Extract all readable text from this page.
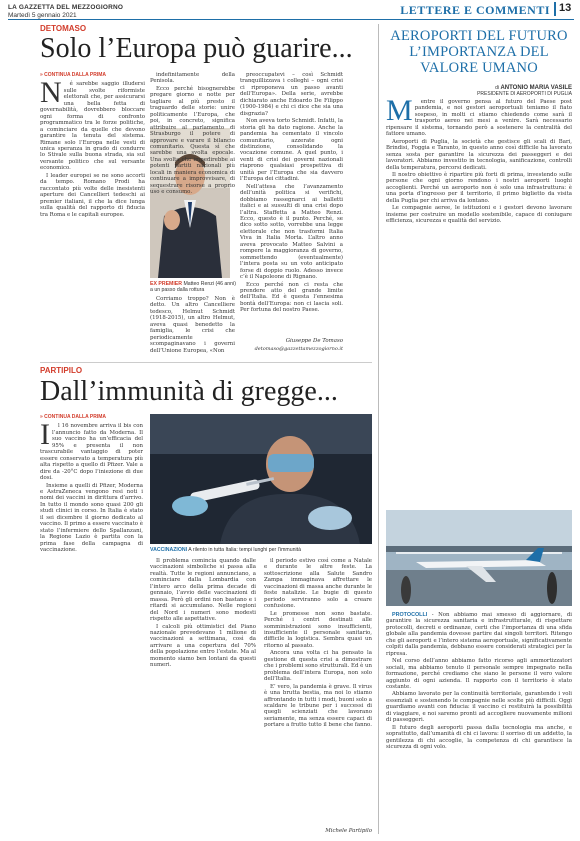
LA GAZZETTA DEL MEZZOGIORNO
Martedì 5 gennaio 2021	LETTERE E COMMENTI 13
DETOMASO
Solo l’Europa può guarire...
» CONTINUA DALLA PRIMA
N	é sarebbe saggio illudersi sulle svolte riformiste elettorali che, per assicurarsi una bella fetta di governabilità, dovrebbero bloccare ogni forma di confronto programmatico tra le forze politiche, a cominciare da quelle che devono garantire la tenuta del sistema. Rimane solo l’Europa nelle vesti di unica speranza in grado di condurre lo Stivale sulla buona strada, sia sul versante politico che sul versante economico.

I leader europei se ne sono accorti da tempo. Romano Prodi ha raccontato più volte delle inesistenti aperture dei Cancellieri tedeschi ai premier italiani, il che la dice lunga sulla qualità del rapporto di fiducia tra Roma e le capitali europee.

EX PREMIER Matteo Renzi (46 anni) a un passo dalla rottura

indefinitamente della Penisola.

Ecco perché bisognerebbe pregare giorno e notte per tagliare al più presto il traguardo delle storie: unire politicamente l’Europa, che poi, in concreto, significa attribuire al parlamento di Strasburgo il potere di approvare e varare il bilancio comunitario. Questa sì che sarebbe una svolta epocale. Una svolta che impedirebbe ai potenti partiti nazionali più locali in maniera economica di continuare a improvvisare, di sequestrare risorse a proprio uso e consumo.

Corriamo troppo? Non è detto. Un altro Cancelliere tedesco, Helmut Schmidt (1918-2015), un altro Helmut, aveva quasi benedetto la famiglia, le crisi che periodicamente scompaginavano i governi dell’Unione Europea, «Non

preoccupatevi – così Schmidt tranquillizzava i colleghi – ogni crisi ci riproponeva un passo avanti dell’Europa». Della serie, avrebbe dichiarato anche Edoardo De Filippo (1900-1984) e chi ci dice che sia una disgrazia?

Non aveva torto Schmidt. Infatti, la storia gli ha dato ragione. Anche la pandemia ha cementato il vincolo comunitario, azzerate ogni distinzione, consolidando la vocazione comune. A quel punto, i venti di crisi dei governi nazionali riaprono qualsiasi prospettiva di unità per l’Europa che sia davvero l’Europa dei cittadini.

Nell’attesa che l’avanzamento dell’unità politica si verifichi, dobbiamo rassegnarci ai balletti italici e ai sussulti di una crisi dopo l’altra. Staffetta a Matteo Renzi. Ecco, questo è il punto. Perché, se dico sotto sotto, vorrebbe una legge elettorale che non trasformi Italia Viva in Italia Morta. L’altro anno aveva provocato Matteo Salvini a rompere la maggioranza di governo, sommettendo (eventualmente) l’intera posta su un voto anticipato forse di doppio ruolo. Adesso invece c’è il Napoleone di Rignano.

Ecco perché non ci resta che prendere atto del grande limite dell’Italia. Ed è questa l’ennesima bontà dell’Europa: non ci lascia soli. Per fortuna del nostro Paese.

Giuseppe De Tomaso
detomaso@gazzettamezzogiorno.it
PARTIPILO
Dall’immunità di gregge...
» CONTINUA DALLA PRIMA
I	l 16 novembre arriva il bis con l’annuncio fatto da Moderna. Il suo vaccino ha un’efficacia del 95% e presenta il non trascurabile vantaggio di poter essere conservato a temperatura più alta rispetto a quello di Pfizer. Vale a dire da -20°C dopo l’iniezione di due dosi.

Insieme a quelli di Pfizer, Moderna e AstraZeneca vengono resi noti i nomi dei vaccini in dirittura d’arrivo. In tutto il mondo sono quasi 200 gli studi clinici in corso. In Italia è stato il sei dicembre il giorno dedicato al vaccino. Il primo a essere vaccinato è stato l’infermiere dello Spallanzani, la Regione Lazio è partita con la prima fase della campagna di vaccinazione.	VACCINAZIONI A rilento in tutta Italia: tempi lunghi per l’immunità

Il problema comincia quando dalle vaccinazioni simboliche si passa alla realtà. Tutte le regioni annunciano, a cominciare dalla Lombardia con l’intero arco della prima decade di gennaio, l’avvio delle vaccinazioni di massa. Però gli ordini non bastano e i ritardi si accumulano. Nelle regioni del Nord i numeri sono modesti rispetto alle aspettative.

I calcoli più ottimistici del Piano nazionale prevedevano 1 milione di vaccinazioni a settimana, così da arrivare a una copertura del 70% della popolazione entro l’estate. Ma al momento siamo ben lontani da questi numeri.

il periodo estivo così come a Natale e durante le altre feste. La sottoscrizione alla Salute Sandro Zampa immaginava affrettare le vaccinazioni di massa anche durante le feste natalizie. Le bugie di questo periodo serviranno solo a creare confusione.

Le promesse non sono bastate. Perché i centri destinati alle somministrazioni sono insufficienti, insufficiente il personale sanitario, difficile la logistica. Sembra quasi un ritorno al passato.

Ancora una volta ci ha pensato la gestione di questa crisi a dimostrare che i problemi sono strutturali. Ed è un problema dell’intera Europa, non solo dell’Italia.

E’ vero, la pandemia è grave. Il virus è una brutta bestia, ma noi lo stiamo affrontando in tutti i modi, buoni solo a scaldare le tribune per i successi di quegli scienziati che lavorano seriamente, ma senza essere capaci di portare a frutto tutto il bene che fanno.

Michele Partipilo
AEROPORTI DEL FUTURO L’IMPORTANZA DEL VALORE UMANO
di ANTONIO MARIA VASILE
PRESIDENTE DI AEROPORTI DI PUGLIA
M	entre il governo pensa al futuro del Paese post pandemia, e noi gestori aeroportuali teniamo il fiato sospeso, in molti ci stiamo chiedendo come sarà il trasporto aereo nei mesi a venire. Sarà necessario ripensare il sistema, tornando però a sostenere la centralità del fattore umano.

Aeroporti di Puglia, la società che gestisce gli scali di Bari, Brindisi, Foggia e Taranto, in questo anno così difficile ha lavorato senza sosta per garantire la sicurezza dei passeggeri e dei lavoratori. Abbiamo investito in tecnologia, sanificazione, controlli della temperatura, percorsi dedicati.

Il nostro obiettivo è ripartire più forti di prima, investendo sulle persone che ogni giorno rendono i nostri aeroporti luoghi accoglienti. Perché un aeroporto non è solo una infrastruttura: è una porta d’ingresso per il territorio, il primo biglietto da visita della Puglia per chi arriva da lontano.

Le compagnie aeree, le istituzioni e i gestori devono lavorare insieme per costruire un modello sostenibile, capace di coniugare efficienza, sicurezza e qualità del servizio.

PROTOCOLLI - Non abbiamo mai smesso di aggiornare, di garantire la sicurezza sanitaria e infrastrutturale, di rispettare protocolli, decreti e ordinanze, certi che l’importanza di una sfida globale alla pandemia dovesse partire dai singoli territori. Ritengo che gli aeroporti e l’intero sistema aeroportuale, significativamente colpiti dalla pandemia, debbano essere considerati strategici per la ripresa.

Nel corso dell’anno abbiamo fatto ricorso agli ammortizzatori sociali, ma abbiamo tenuto il personale sempre impegnato nella formazione, perché crediamo che siano le persone il vero valore aggiunto di ogni azienda. Il rapporto con il territorio è stato costante.

Abbiamo lavorato per la continuità territoriale, garantendo i voli essenziali e sostenendo le compagnie nelle scelte più difficili. Oggi guardiamo avanti con fiducia: il vaccino ci restituirà la possibilità di viaggiare, e noi saremo pronti ad accogliere nuovamente milioni di passeggeri.

Il futuro degli aeroporti passa dalla tecnologia ma anche, e soprattutto, dall’umanità di chi ci lavora: il sorriso di un addetto, la gentilezza di chi accoglie, la competenza di chi garantisce la sicurezza di ogni volo.
